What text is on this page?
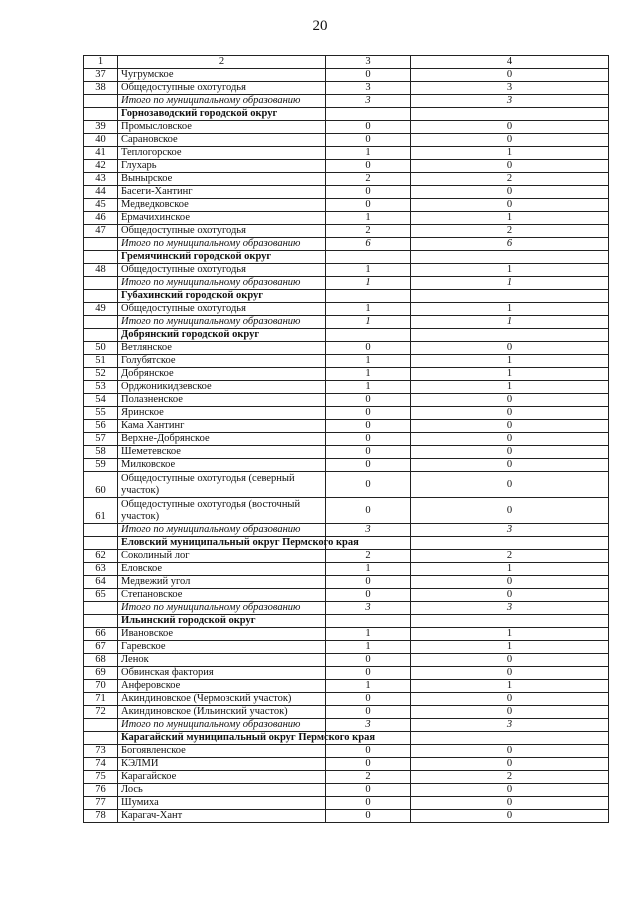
20
1	2	3	4
37	Чугрумское	0	0
38	Общедоступные охотугодья	3	3
	Итого по муниципальному образованию	3	3
	Горнозаводский городской округ		
39	Промысловское	0	0
40	Сарановское	0	0
41	Теплогорское	1	1
42	Глухарь	0	0
43	Вынырское	2	2
44	Басеги-Хантинг	0	0
45	Медведковское	0	0
46	Ермачихинское	1	1
47	Общедоступные охотугодья	2	2
	Итого по муниципальному образованию	6	6
	Гремячинский городской округ		
48	Общедоступные охотугодья	1	1
	Итого по муниципальному образованию	1	1
	Губахинский городской округ		
49	Общедоступные охотугодья	1	1
	Итого по муниципальному образованию	1	1
	Добрянский городской округ		
50	Ветлянское	0	0
51	Голубятское	1	1
52	Добрянское	1	1
53	Орджоникидзевское	1	1
54	Полазненское	0	0
55	Яринское	0	0
56	Кама Хантинг	0	0
57	Верхне-Добрянское	0	0
58	Шеметевское	0	0
59	Милковское	0	0
60	Общедоступные охотугодья (северный участок)	0	0
61	Общедоступные охотугодья (восточный участок)	0	0
	Итого по муниципальному образованию	3	3
	Еловский муниципальный округ Пермского края		
62	Соколиный лог	2	2
63	Еловское	1	1
64	Медвежий угол	0	0
65	Степановское	0	0
	Итого по муниципальному образованию	3	3
	Ильинский городской округ		
66	Ивановское	1	1
67	Гаревское	1	1
68	Ленок	0	0
69	Обвинская фактория	0	0
70	Анферовское	1	1
71	Акиндиновское (Чермозский участок)	0	0
72	Акиндиновское (Ильинский участок)	0	0
	Итого по муниципальному образованию	3	3
	Карагайский муниципальный округ Пермского края		
73	Богоявленское	0	0
74	КЭЛМИ	0	0
75	Карагайское	2	2
76	Лось	0	0
77	Шумиха	0	0
78	Карагач-Хант	0	0
